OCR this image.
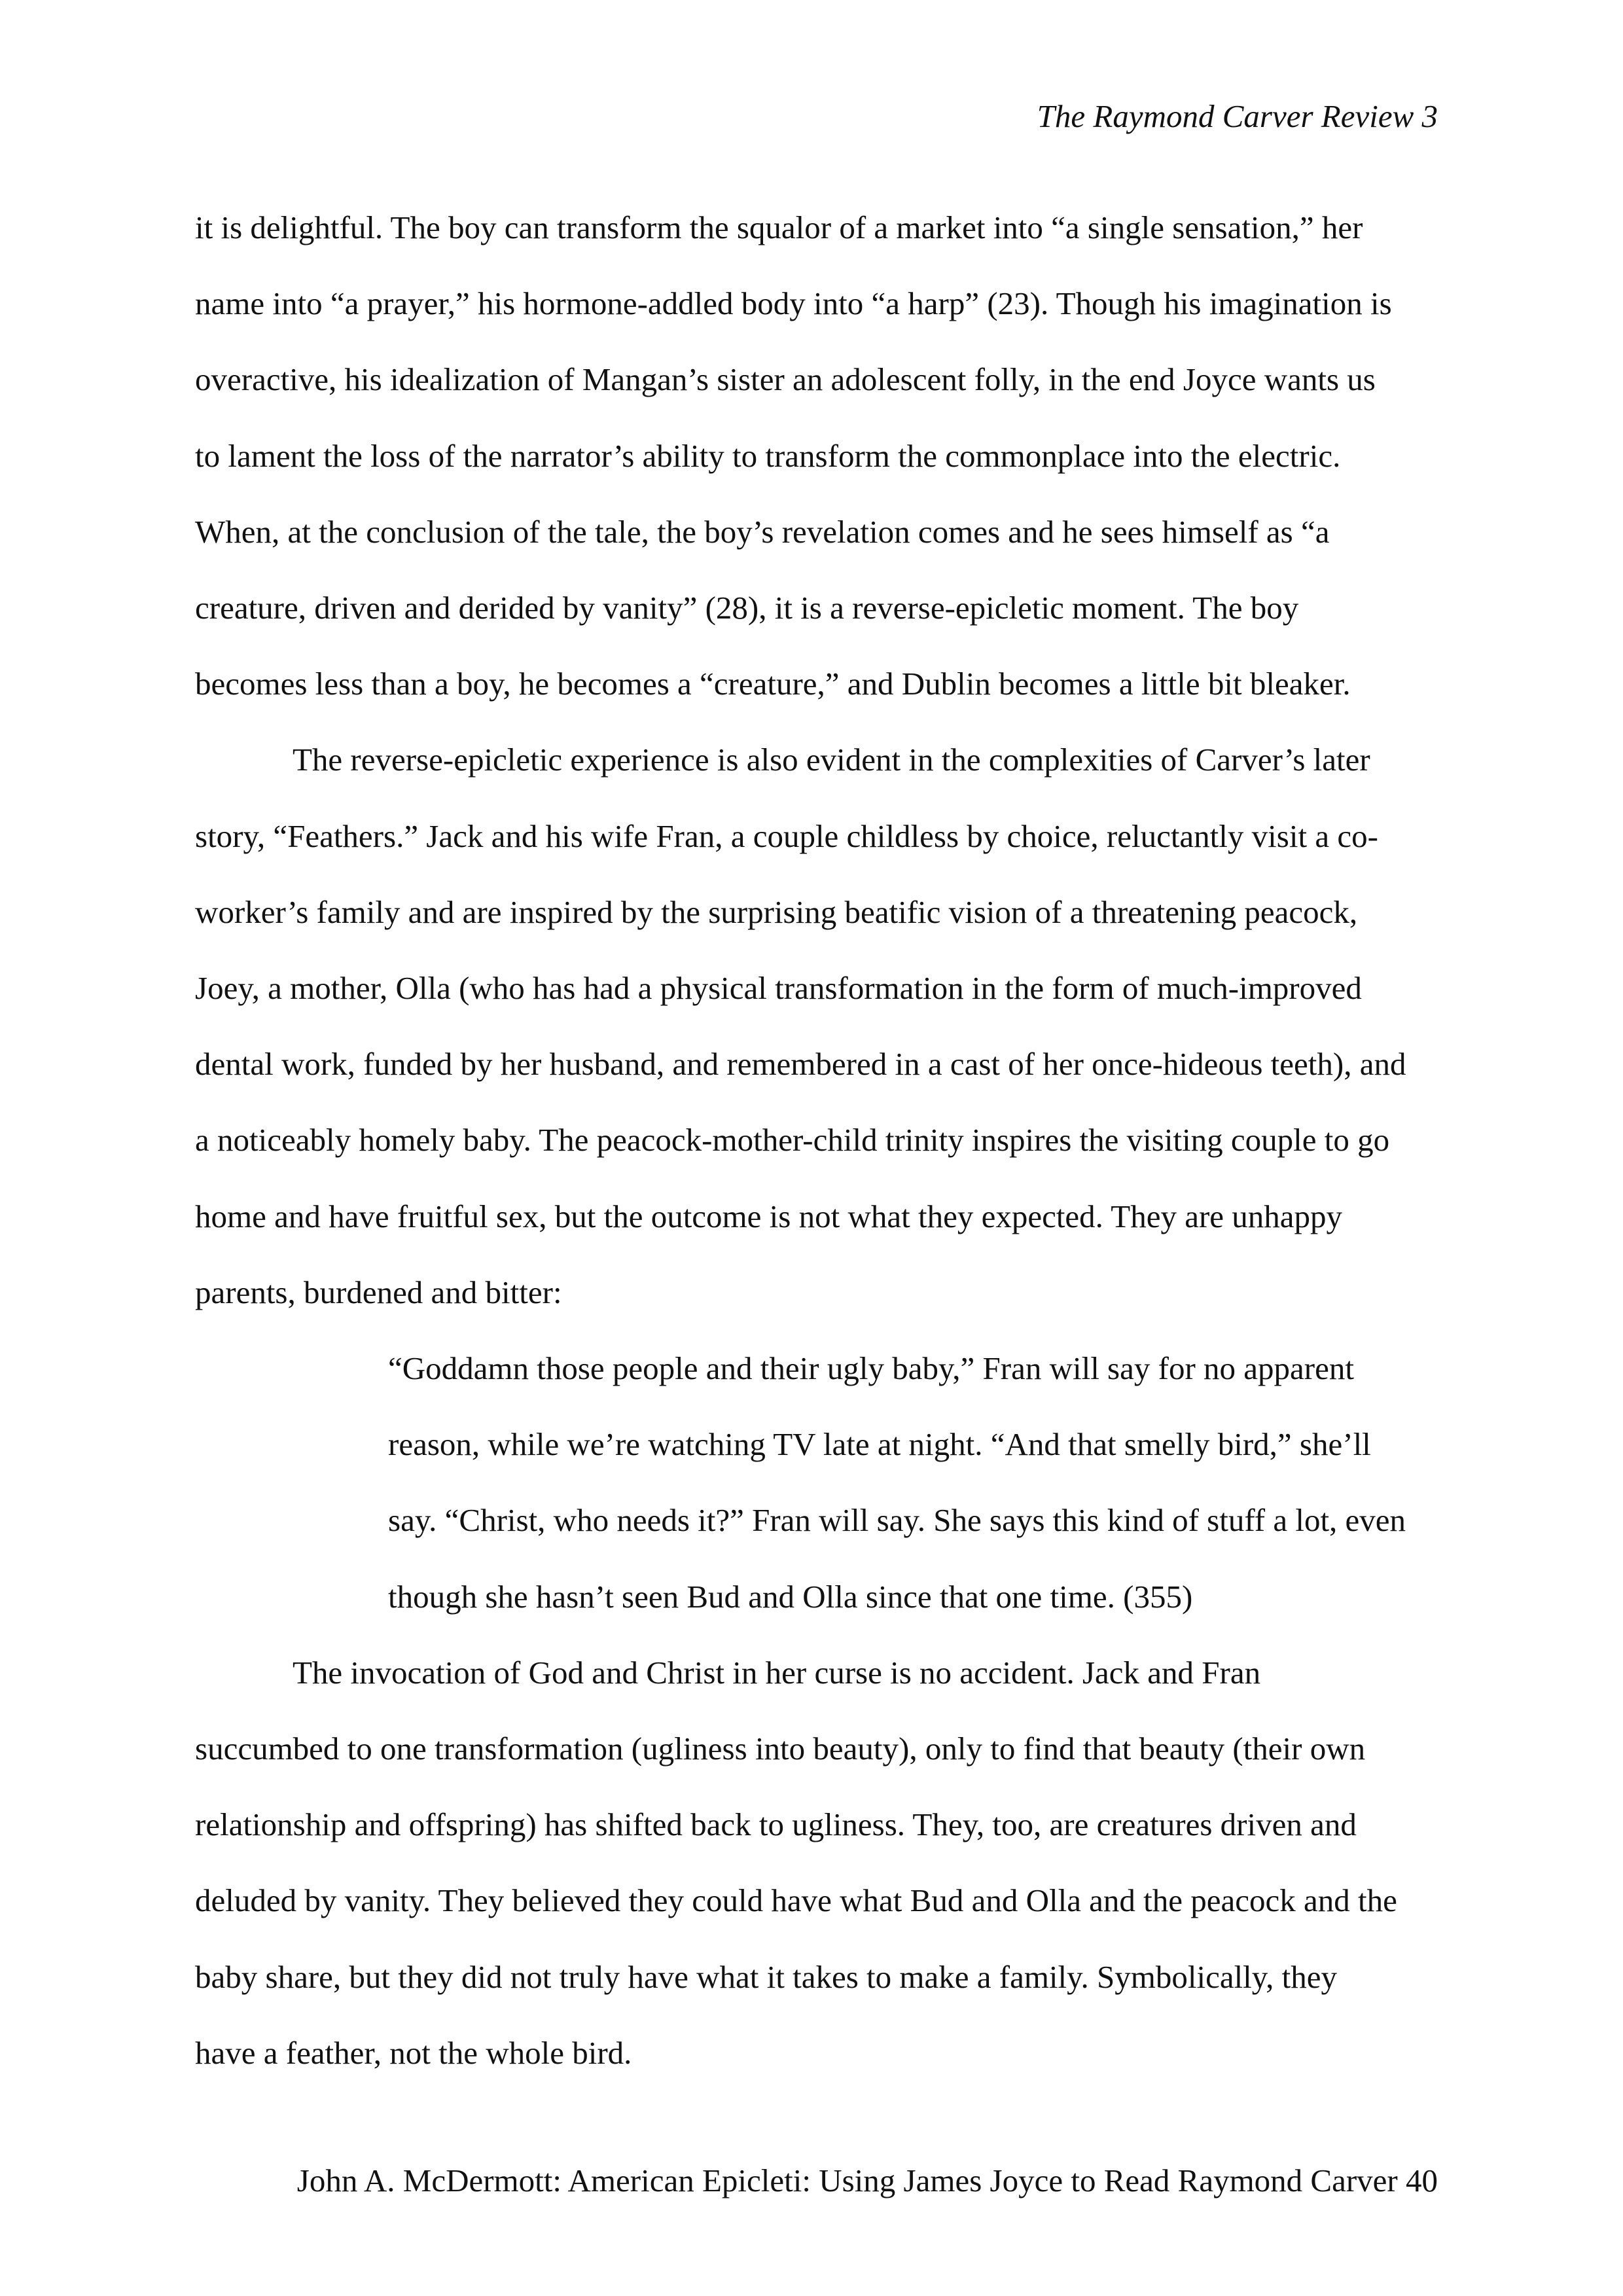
The Raymond Carver Review 3

it is delightful. The boy can transform the squalor of a market into “a single sensation,” her
name into “a prayer,” his hormone-addled body into “a harp” (23). Though his imagination is
overactive, his idealization of Mangan’s sister an adolescent folly, in the end Joyce wants us
to lament the loss of the narrator’s ability to transform the commonplace into the electric.
When, at the conclusion of the tale, the boy’s revelation comes and he sees himself as “a
creature, driven and derided by vanity” (28), it is a reverse-epicletic moment. The boy
becomes less than a boy, he becomes a “creature,” and Dublin becomes a little bit bleaker.

The reverse-epicletic experience is also evident in the complexities of Carver’s later
story, “Feathers.” Jack and his wife Fran, a couple childless by choice, reluctantly visit a co-
worker’s family and are inspired by the surprising beatific vision of a threatening peacock,
Joey, a mother, Olla (who has had a physical transformation in the form of much-improved
dental work, funded by her husband, and remembered in a cast of her once-hideous teeth), and
a noticeably homely baby. The peacock-mother-child trinity inspires the visiting couple to go
home and have fruitful sex, but the outcome is not what they expected. They are unhappy
parents, burdened and bitter:

“Goddamn those people and their ugly baby,” Fran will say for no apparent
reason, while we’re watching TV late at night. “And that smelly bird,” she’ll
say. “Christ, who needs it?” Fran will say. She says this kind of stuff a lot, even
though she hasn’t seen Bud and Olla since that one time. (355)

The invocation of God and Christ in her curse is no accident. Jack and Fran
succumbed to one transformation (ugliness into beauty), only to find that beauty (their own
relationship and offspring) has shifted back to ugliness. They, too, are creatures driven and
deluded by vanity. They believed they could have what Bud and Olla and the peacock and the
baby share, but they did not truly have what it takes to make a family. Symbolically, they
have a feather, not the whole bird.

John A. McDermott: American Epicleti: Using James Joyce to Read Raymond Carver 40
